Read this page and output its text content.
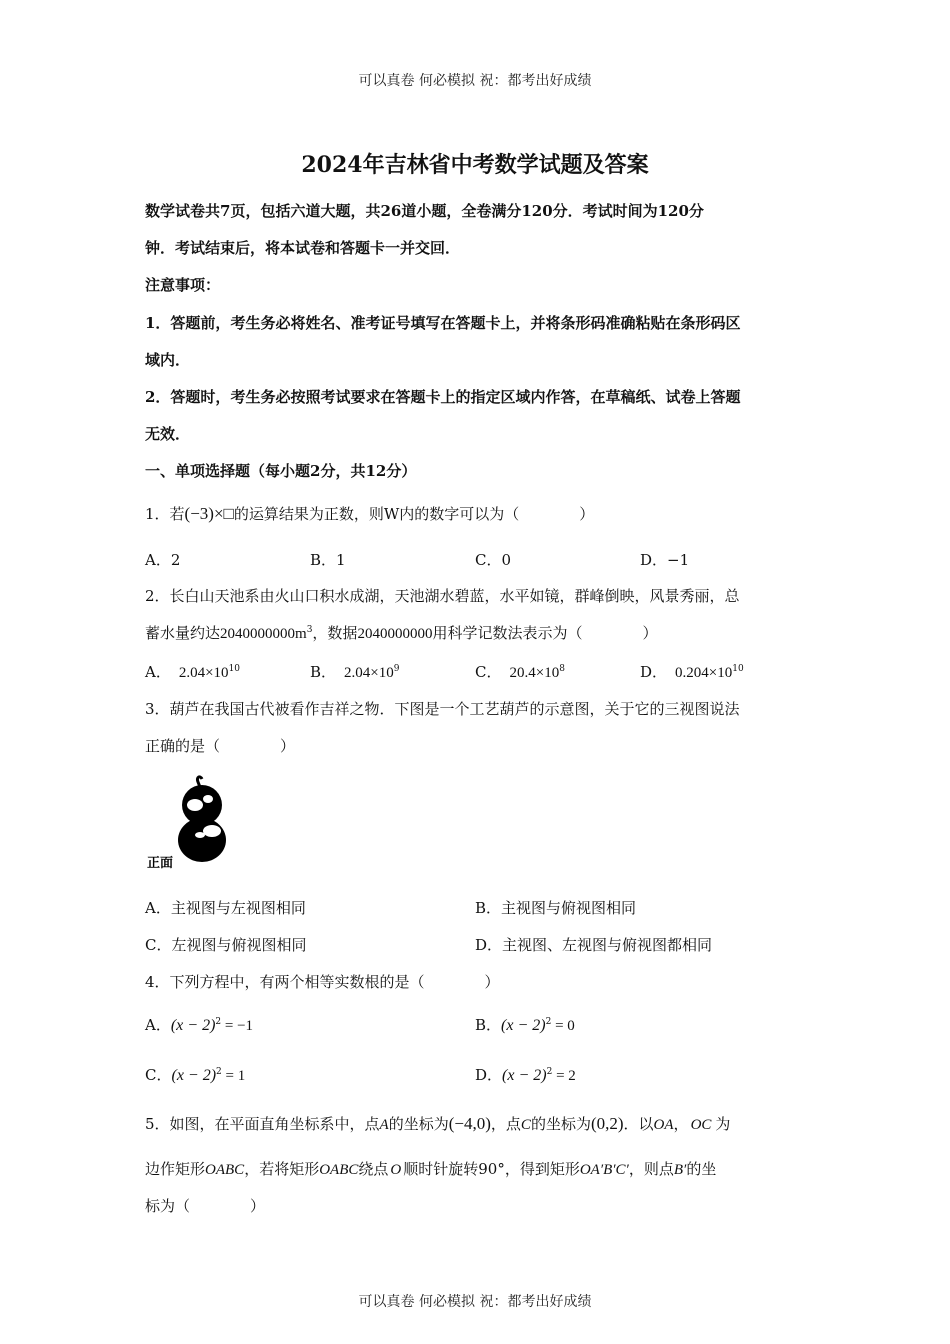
可以真卷 何必模拟 祝：都考出好成绩
2024年吉林省中考数学试题及答案
数学试卷共7页，包括六道大题，共26道小题，全卷满分120分．考试时间为120分
钟．考试结束后，将本试卷和答题卡一并交回．
注意事项：
1．答题前，考生务必将姓名、准考证号填写在答题卡上，并将条形码准确粘贴在条形码区
域内．
2．答题时，考生务必按照考试要求在答题卡上的指定区域内作答，在草稿纸、试卷上答题
无效．
一、单项选择题（每小题2分，共12分）
1．若(−3)×□的运算结果为正数，则W内的数字可以为（　　　　）
A．2	B．1	C．0	D．−1
2．长白山天池系由火山口积水成湖，天池湖水碧蓝，水平如镜，群峰倒映，风景秀丽，总
蓄水量约达$2040000000m^3$，数据2040000000用科学记数法表示为（　　　　）
A． $2.04\times 10^{10}$	B． $2.04\times 10^9$	C． $20.4\times 10^8$	D． $0.204\times 10^{10}$
3．葫芦在我国古代被看作吉祥之物．下图是一个工艺葫芦的示意图，关于它的三视图说法
正确的是（　　　　）
正面
A．主视图与左视图相同	B．主视图与俯视图相同
C．左视图与俯视图相同	D．主视图、左视图与俯视图都相同
4．下列方程中，有两个相等实数根的是（　　　　）
A．$(x - 2)^2 = -1$	B．$(x - 2)^2 = 0$
C．$(x - 2)^2 = 1$	D．$(x - 2)^2 = 2$
5．如图，在平面直角坐标系中，点A的坐标为(−4,0)，点C的坐标为(0,2)．以OA， OC 为
边作矩形OABC，若将矩形OABC绕点 O 顺时针旋转90°，得到矩形OA′B′C′，则点B′的坐
标为（　　　　）
可以真卷 何必模拟 祝：都考出好成绩
